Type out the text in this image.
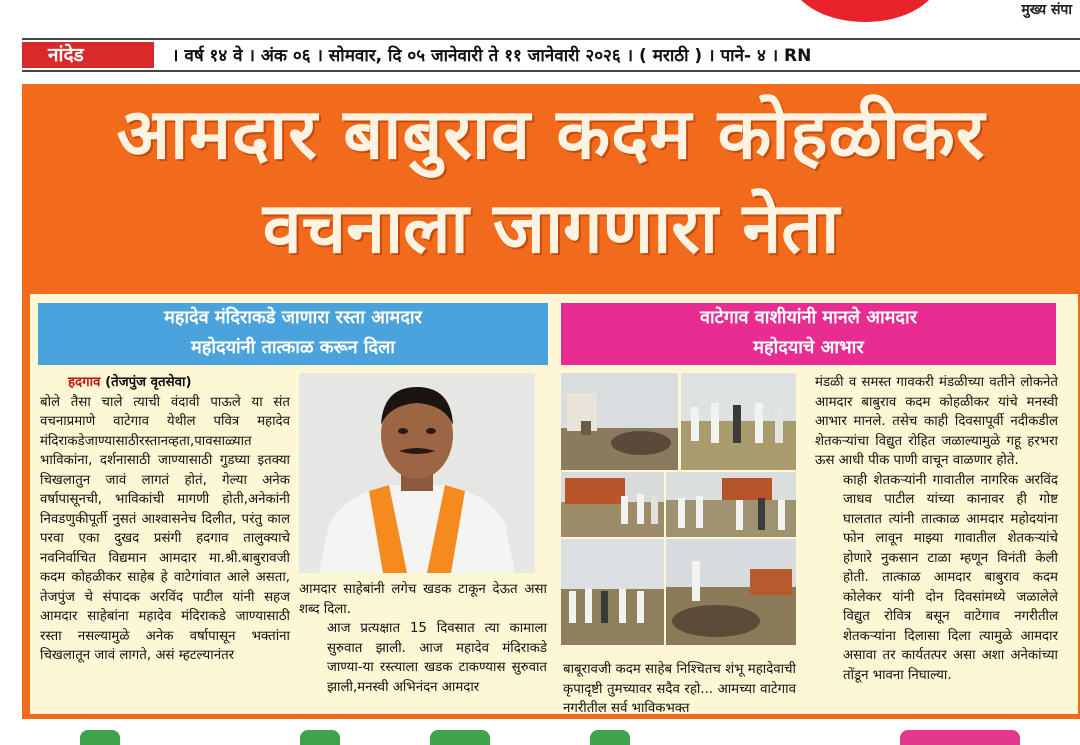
मुख्य संपा
नांदेड	। वर्ष १४ वे । अंक ०६ । सोमवार, दि ०५ जानेवारी ते ११ जानेवारी २०२६ । ( मराठी ) । पाने- ४ । RN
आमदार बाबुराव कदम कोहळीकर
वचनाला जागणारा नेता
महादेव मंदिराकडे जाणारा रस्ता आमदार
महोदयांनी तात्काळ करून दिला
वाटेगाव वाशीयांनी मानले आमदार
महोदयाचे आभार

हदगाव (तेजपुंज वृतसेवा)

बोले तैसा चाले त्याची वंदावी पाऊले या संत वचनाप्रमाणे वाटेगाव येथील पवित्र महादेव मंदिराकडेजाण्यासाठीरस्तानव्हता,पावसाळ्यात भाविकांना, दर्शनासाठी जाण्यासाठी गुडघ्या इतक्या चिखलातुन जावं लागतं होतं, गेल्या अनेक वर्षापासूनची, भाविकांची मागणी होती,अनेकांनी निवडणुकीपूर्ती नुसतं आश्वासनेच दिलीत, परंतु काल परवा एका दुखद प्रसंगी हदगाव तालुक्याचे नवनिर्वाचित विद्यमान आमदार मा.श्री.बाबुरावजी कदम कोहळीकर साहेब हे वाटेगांवात आले असता, तेजपुंज चे संपादक अरविंद पाटील यांनी सहज आमदार साहेबांना महादेव मंदिराकडे जाण्यासाठी रस्ता नसल्यामुळे अनेक वर्षापासून भक्तांना चिखलातून जावं लागते, असं म्हटल्यानंतर

आमदार साहेबांनी लगेच खडक टाकून देऊत असा शब्द दिला.

आज प्रत्यक्षात 15 दिवसात त्या कामाला सुरुवात झाली. आज महादेव मंदिराकडे जाण्या-या रस्त्याला खडक टाकण्यास सुरुवात झाली,मनस्वी अभिनंदन आमदार

बाबूरावजी कदम साहेब निश्चितच शंभू महादेवाची कृपादृष्टी तुमच्यावर सदैव रहो... आमच्या वाटेगाव नगरीतील सर्व भाविकभक्त

मंडळी व समस्त गावकरी मंडळीच्या वतीने लोकनेते आमदार बाबुराव कदम कोहळीकर यांचे मनस्वी आभार मानले. तसेच काही दिवसापूर्वी नदीकडील शेतकऱ्यांचा विद्युत रोहित जळाल्यामुळे गहू हरभरा ऊस आधी पीक पाणी वाचून वाळणार होते.

काही शेतकऱ्यांनी गावातील नागरिक अरविंद जाधव पाटील यांच्या कानावर ही गोष्ट घालतात त्यांनी तात्काळ आमदार महोदयांना फोन लावून माझ्या गावातील शेतकऱ्यांचे होणारे नुकसान टाळा म्हणून विनंती केली होती. तात्काळ आमदार बाबुराव कदम कोलेकर यांनी दोन दिवसांमध्ये जळालेले विद्युत रोवित्र बसून वाटेगाव नगरीतील शेतकऱ्यांना दिलासा दिला त्यामुळे आमदार असावा तर कार्यतत्पर असा अशा अनेकांच्या तोंडून भावना निघाल्या.
